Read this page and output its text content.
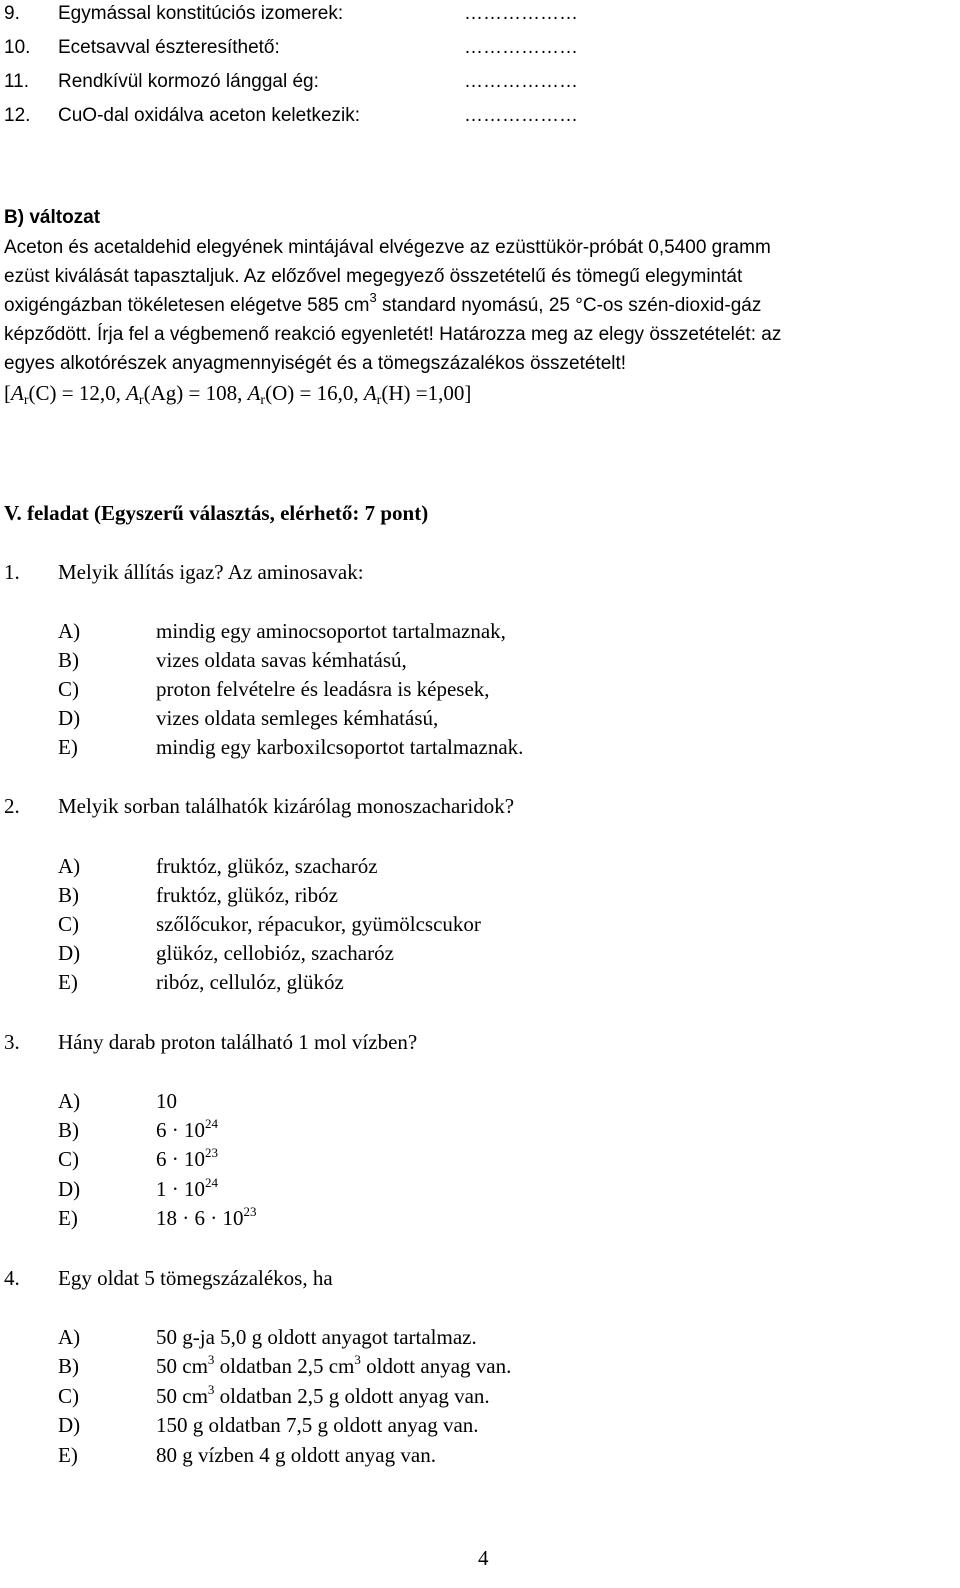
9. Egymással konstitúciós izomerek:	………………
10. Ecetsavval észteresíthető:	………………
11. Rendkívül kormozó lánggal ég:	………………
12. CuO-dal oxidálva aceton keletkezik:	………………
B) változat
Aceton és acetaldehid elegyének mintájával elvégezve az ezüsttükör-próbát 0,5400 gramm
ezüst kiválását tapasztaljuk. Az előzővel megegyező összetételű és tömegű elegymintát
oxigéngázban tökéletesen elégetve 585 $cm^3$ standard nyomású, 25 °C-os szén-dioxid-gáz
képződött. Írja fel a végbemenő reakció egyenletét! Határozza meg az elegy összetételét: az
egyes alkotórészek anyagmennyiségét és a tömegszázalékos összetételt!
[$A_r(C) = 12,0$, $A_r(Ag) = 108$, $A_r(O) = 16,0$, $A_r(H) =1,00$]
V. feladat (Egyszerű választás, elérhető: 7 pont)
1. Melyik állítás igaz? Az aminosavak:
A)	mindig egy aminocsoportot tartalmaznak,
B)	vizes oldata savas kémhatású,
C)	proton felvételre és leadásra is képesek,
D)	vizes oldata semleges kémhatású,
E)	mindig egy karboxilcsoportot tartalmaznak.
2. Melyik sorban találhatók kizárólag monoszacharidok?
A)	fruktóz, glükóz, szacharóz
B)	fruktóz, glükóz, ribóz
C)	szőlőcukor, répacukor, gyümölcscukor
D)	glükóz, cellobióz, szacharóz
E)	ribóz, cellulóz, glükóz
3. Hány darab proton található 1 mol vízben?
A)	10
B)	$6 \cdot 10^{24}$
C)	$6 \cdot 10^{23}$
D)	$1 \cdot 10^{24}$
E)	$18 \cdot 6 \cdot 10^{23}$
4. Egy oldat 5 tömegszázalékos, ha
A)	50 g-ja 5,0 g oldott anyagot tartalmaz.
B)	50 $cm^3$ oldatban 2,5 $cm^3$ oldott anyag van.
C)	50 $cm^3$ oldatban 2,5 g oldott anyag van.
D)	150 g oldatban 7,5 g oldott anyag van.
E)	80 g vízben 4 g oldott anyag van.
4
